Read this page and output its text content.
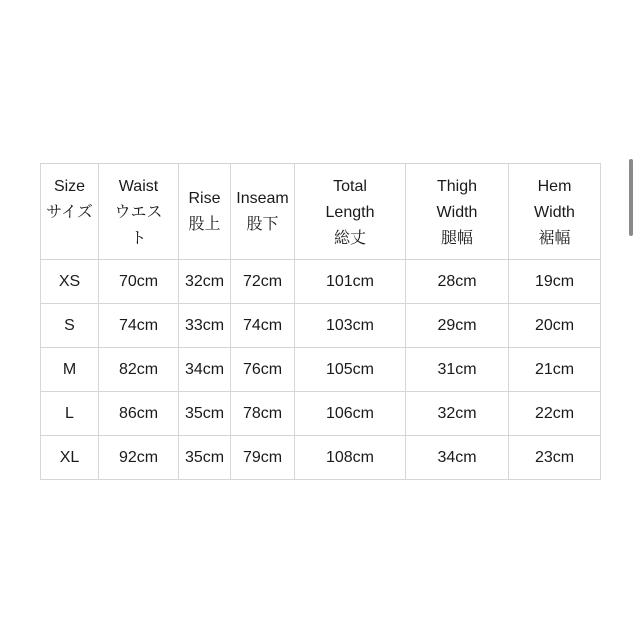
Size
サイズ	Waist
ウエス
ト	Rise
股上	Inseam
股下	Total
Length
総丈	Thigh
Width
腿幅	Hem
Width
裾幅

XS	70cm	32cm	72cm	101cm	28cm	19cm
S	74cm	33cm	74cm	103cm	29cm	20cm
M	82cm	34cm	76cm	105cm	31cm	21cm
L	86cm	35cm	78cm	106cm	32cm	22cm
XL	92cm	35cm	79cm	108cm	34cm	23cm
